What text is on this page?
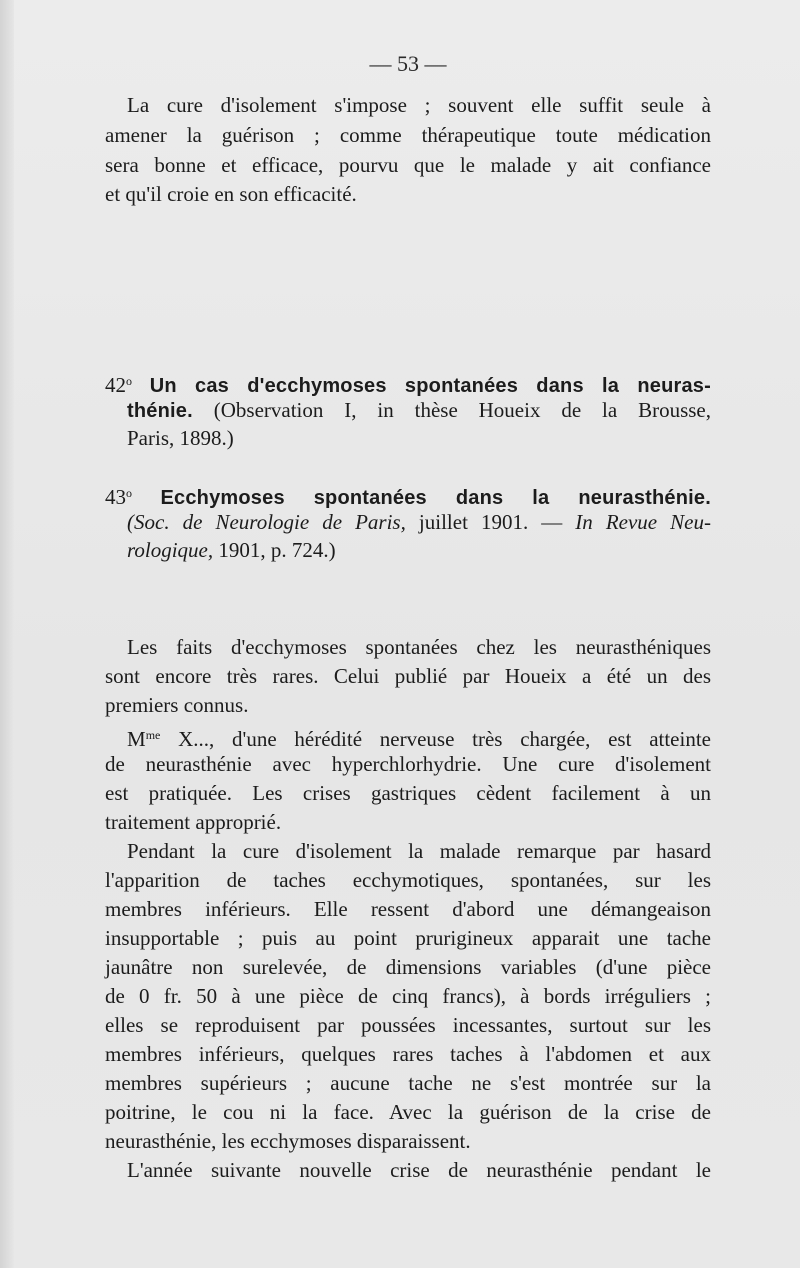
— 53 —

La cure d'isolement s'impose ; souvent elle suffit seule à

amener la guérison ; comme thérapeutique toute médication

sera bonne et efficace, pourvu que le malade y ait confiance

et qu'il croie en son efficacité.

42$^o$ Un cas d'ecchymoses spontanées dans la neuras-

thénie. (Observation I, in thèse Houeix de la Brousse,

Paris, 1898.)

43$^o$ Ecchymoses spontanées dans la neurasthénie.

(Soc. de Neurologie de Paris, juillet 1901. — In Revue Neu-

rologique, 1901, p. 724.)

Les faits d'ecchymoses spontanées chez les neurasthéniques

sont encore très rares. Celui publié par Houeix a été un des

premiers connus.

$M^{me}$ X..., d'une hérédité nerveuse très chargée, est atteinte

de neurasthénie avec hyperchlorhydrie. Une cure d'isolement

est pratiquée. Les crises gastriques cèdent facilement à un

traitement approprié.

Pendant la cure d'isolement la malade remarque par hasard

l'apparition de taches ecchymotiques, spontanées, sur les

membres inférieurs. Elle ressent d'abord une démangeaison

insupportable ; puis au point prurigineux apparait une tache

jaunâtre non surelevée, de dimensions variables (d'une pièce

de 0 fr. 50 à une pièce de cinq francs), à bords irréguliers ;

elles se reproduisent par poussées incessantes, surtout sur les

membres inférieurs, quelques rares taches à l'abdomen et aux

membres supérieurs ; aucune tache ne s'est montrée sur la

poitrine, le cou ni la face. Avec la guérison de la crise de

neurasthénie, les ecchymoses disparaissent.

L'année suivante nouvelle crise de neurasthénie pendant le
